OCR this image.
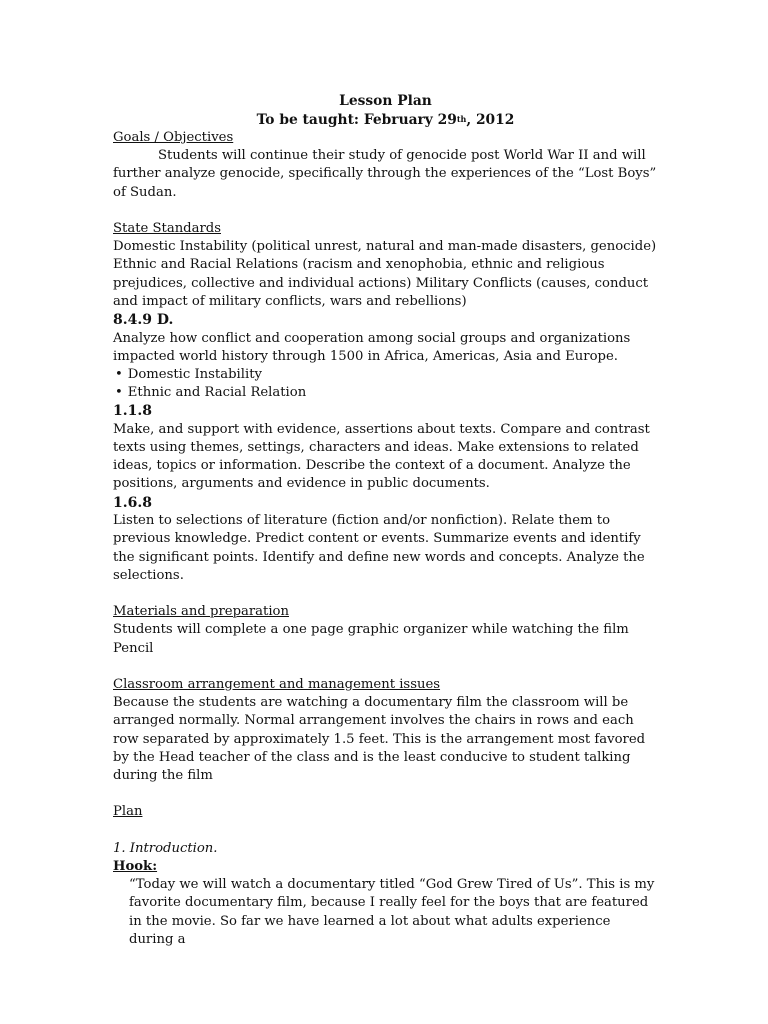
Lesson Plan
To be taught: February 29th, 2012

Goals / Objectives

Students will continue their study of genocide post World War II and will further analyze genocide, specifically through the experiences of the “Lost Boys” of Sudan.

State Standards

Domestic Instability (political unrest, natural and man-made disasters, genocide) Ethnic and Racial Relations (racism and xenophobia, ethnic and religious prejudices, collective and individual actions) Military Conflicts (causes, conduct and impact of military conflicts, wars and rebellions)

8.4.9 D.

Analyze how conflict and cooperation among social groups and organizations impacted world history through 1500 in Africa, Americas, Asia and Europe.

• Domestic Instability

• Ethnic and Racial Relation

1.1.8

Make, and support with evidence, assertions about texts. Compare and contrast texts using themes, settings, characters and ideas. Make extensions to related ideas, topics or information. Describe the context of a document. Analyze the positions, arguments and evidence in public documents.

1.6.8

Listen to selections of literature (fiction and/or nonfiction). Relate them to previous knowledge. Predict content or events. Summarize events and identify the significant points. Identify and define new words and concepts. Analyze the selections.

Materials and preparation

Students will complete a one page graphic organizer while watching the film

Pencil

Classroom arrangement and management issues

Because the students are watching a documentary film the classroom will be arranged normally. Normal arrangement involves the chairs in rows and each row separated by approximately 1.5 feet. This is the arrangement most favored by the Head teacher of the class and is the least conducive to student talking during the film

Plan

1. Introduction.

Hook:

“Today we will watch a documentary titled “God Grew Tired of Us”. This is my favorite documentary film, because I really feel for the boys that are featured in the movie. So far we have learned a lot about what adults experience during a
